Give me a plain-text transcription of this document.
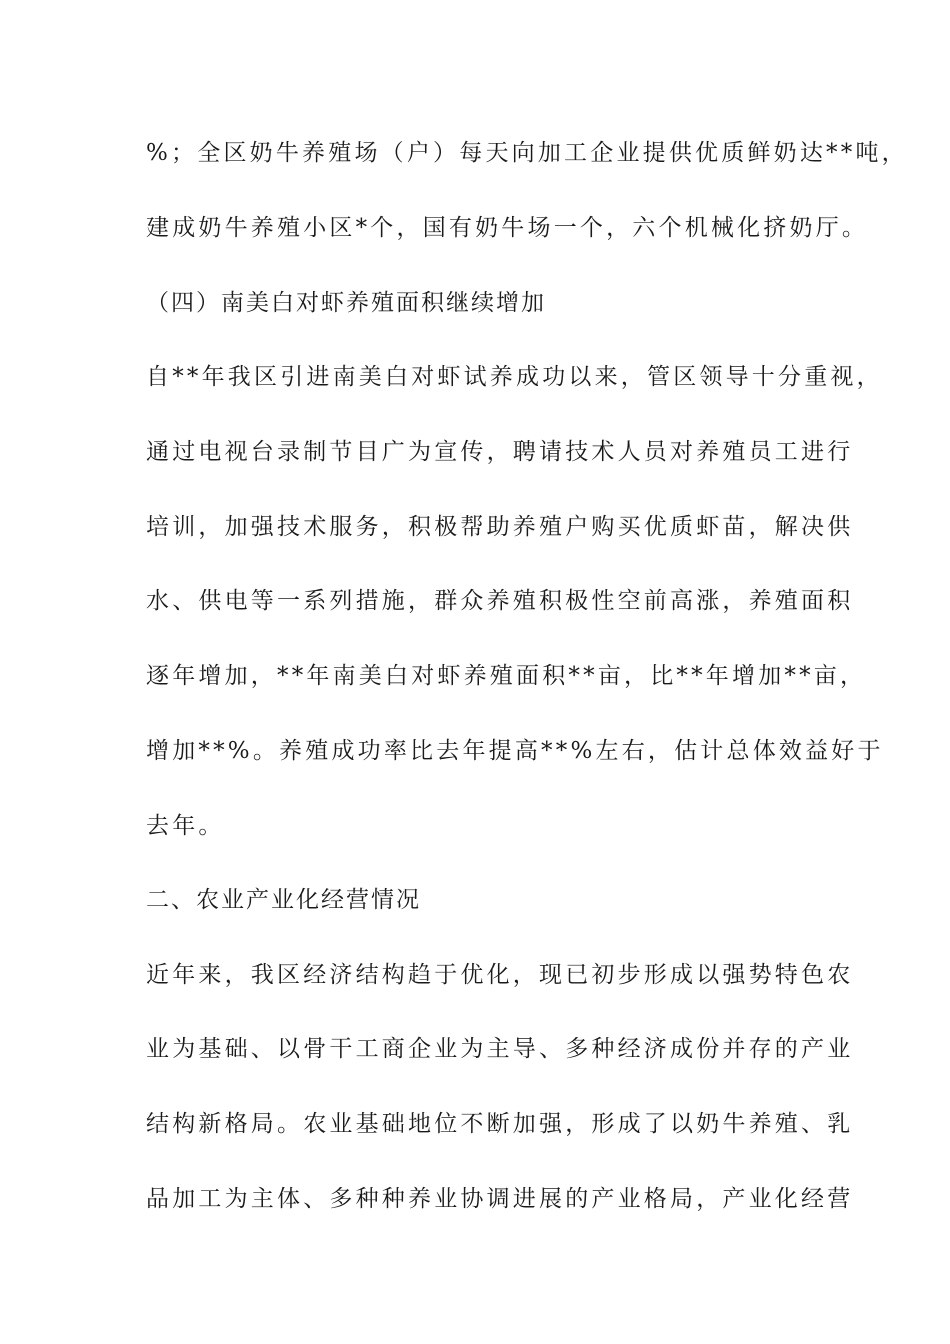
%；全区奶牛养殖场（户）每天向加工企业提供优质鲜奶达**吨，
建成奶牛养殖小区*个，国有奶牛场一个，六个机械化挤奶厅。
（四）南美白对虾养殖面积继续增加
自**年我区引进南美白对虾试养成功以来，管区领导十分重视，
通过电视台录制节目广为宣传，聘请技术人员对养殖员工进行
培训，加强技术服务，积极帮助养殖户购买优质虾苗，解决供
水、供电等一系列措施，群众养殖积极性空前高涨，养殖面积
逐年增加，**年南美白对虾养殖面积**亩，比**年增加**亩，
增加**%。养殖成功率比去年提高**%左右，估计总体效益好于
去年。
二、农业产业化经营情况
近年来，我区经济结构趋于优化，现已初步形成以强势特色农
业为基础、以骨干工商企业为主导、多种经济成份并存的产业
结构新格局。农业基础地位不断加强，形成了以奶牛养殖、乳
品加工为主体、多种种养业协调进展的产业格局，产业化经营
